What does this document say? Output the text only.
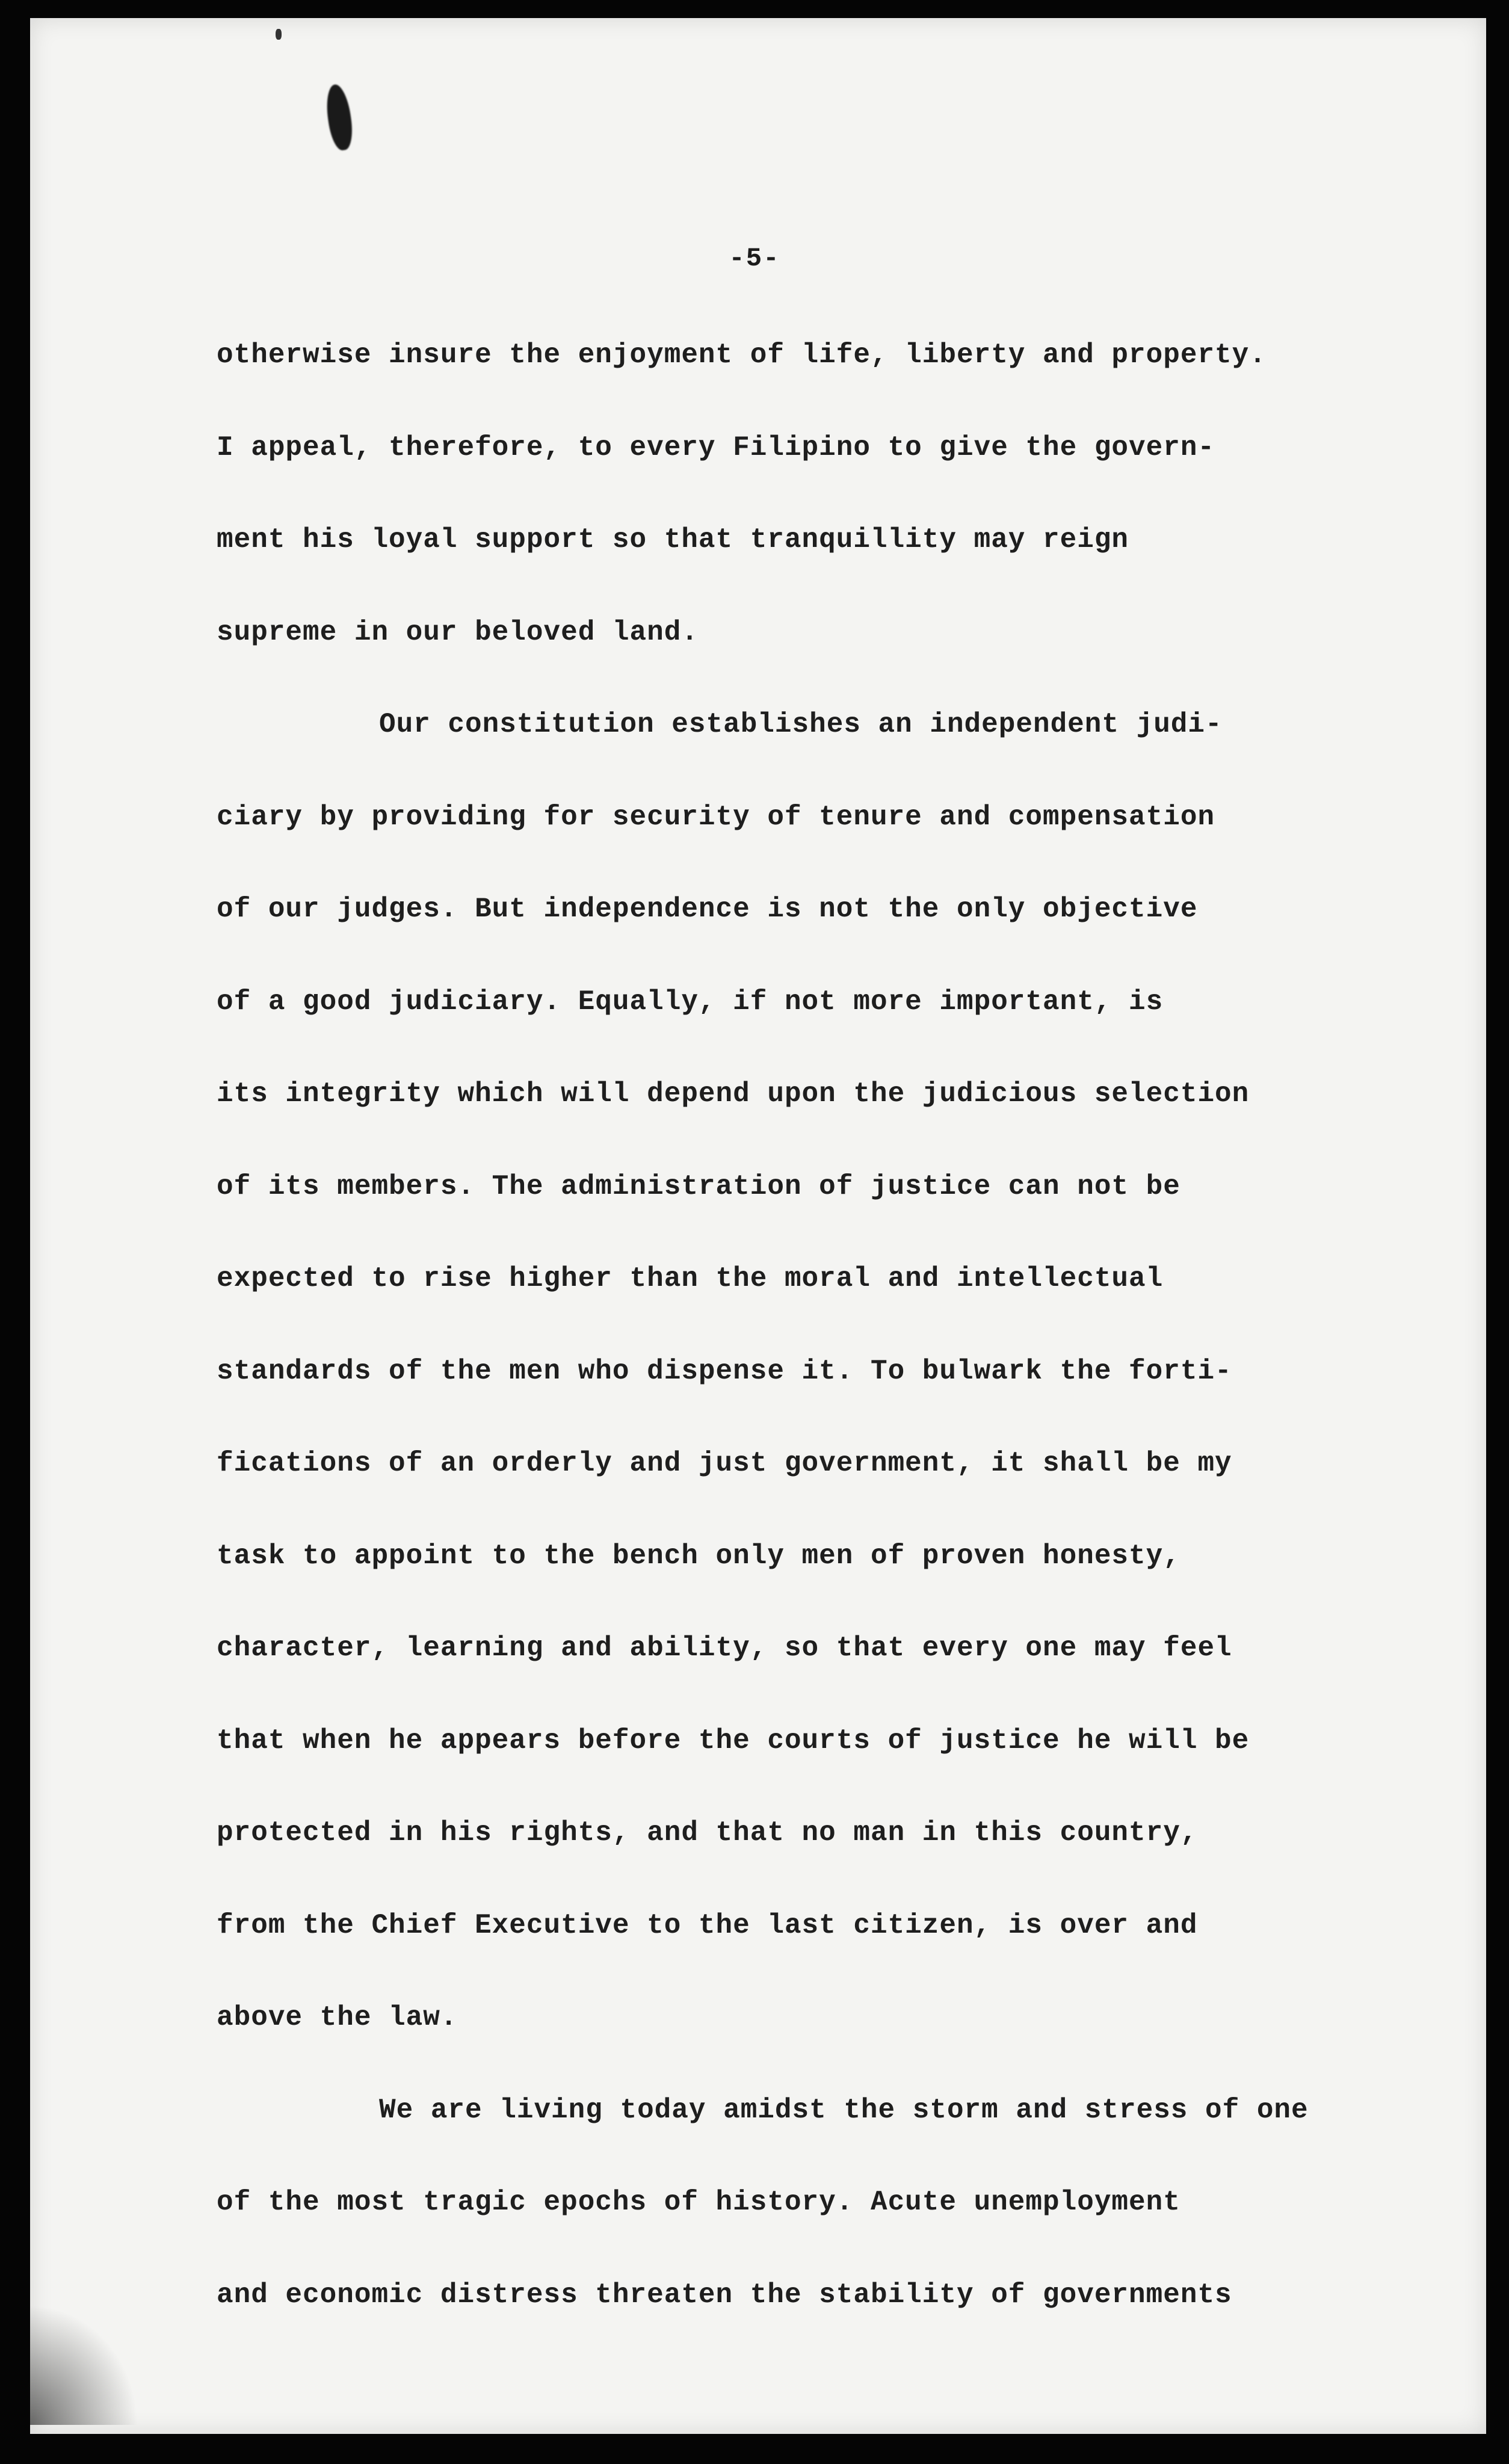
-5-
otherwise insure the enjoyment of life, liberty and property.
I appeal, therefore, to every Filipino to give the govern-
ment his loyal support so that tranquillity may reign
supreme in our beloved land.
Our constitution establishes an independent judi-
ciary by providing for security of tenure and compensation
of our judges. But independence is not the only objective
of a good judiciary. Equally, if not more important, is
its integrity which will depend upon the judicious selection
of its members. The administration of justice can not be
expected to rise higher than the moral and intellectual
standards of the men who dispense it. To bulwark the forti-
fications of an orderly and just government, it shall be my
task to appoint to the bench only men of proven honesty,
character, learning and ability, so that every one may feel
that when he appears before the courts of justice he will be
protected in his rights, and that no man in this country,
from the Chief Executive to the last citizen, is over and
above the law.
We are living today amidst the storm and stress of one
of the most tragic epochs of history. Acute unemployment
and economic distress threaten the stability of governments
